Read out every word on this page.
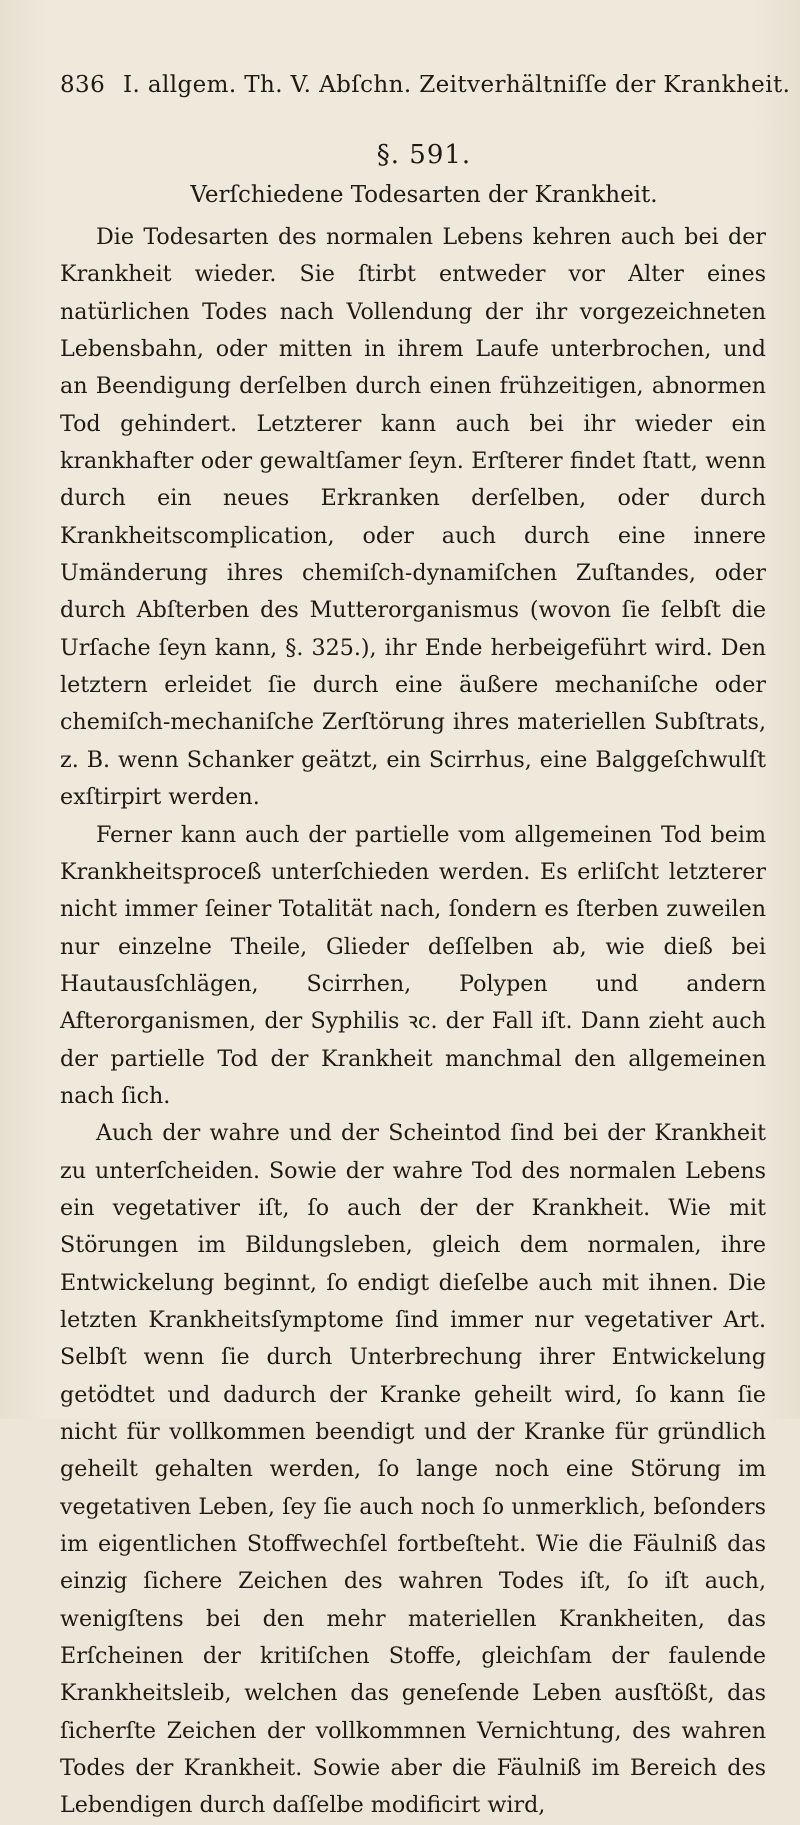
836 I. allgem. Th. V. Abſchn. Zeitverhältniſſe der Krankheit.
§. 591.
Verſchiedene Todesarten der Krankheit.

Die Todesarten des normalen Lebens kehren auch bei der Krankheit wieder. Sie ſtirbt entweder vor Alter eines natürlichen Todes nach Vollendung der ihr vorgezeichneten Lebensbahn, oder mitten in ihrem Laufe unterbrochen, und an Beendigung derſelben durch einen frühzeitigen, abnormen Tod gehindert. Letzterer kann auch bei ihr wieder ein krankhafter oder gewaltſamer ſeyn. Erſterer findet ſtatt, wenn durch ein neues Erkranken derſelben, oder durch Krankheitscomplication, oder auch durch eine innere Umänderung ihres chemiſch-dynamiſchen Zuſtandes, oder durch Abſterben des Mutterorganismus (wovon ſie ſelbſt die Urſache ſeyn kann, §. 325.), ihr Ende herbeigeführt wird. Den letztern erleidet ſie durch eine äußere mechaniſche oder chemiſch-mechaniſche Zerſtörung ihres materiellen Subſtrats, z. B. wenn Schanker geätzt, ein Scirrhus, eine Balggeſchwulſt exſtirpirt werden.

Ferner kann auch der partielle vom allgemeinen Tod beim Krankheitsproceß unterſchieden werden. Es erliſcht letzterer nicht immer ſeiner Totalität nach, ſondern es ſterben zuweilen nur einzelne Theile, Glieder deſſelben ab, wie dieß bei Hautausſchlägen, Scirrhen, Polypen und andern Afterorganismen, der Syphilis ꝛc. der Fall iſt. Dann zieht auch der partielle Tod der Krankheit manchmal den allgemeinen nach ſich.

Auch der wahre und der Scheintod ſind bei der Krankheit zu unterſcheiden. Sowie der wahre Tod des normalen Lebens ein vegetativer iſt, ſo auch der der Krankheit. Wie mit Störungen im Bildungsleben, gleich dem normalen, ihre Entwickelung beginnt, ſo endigt dieſelbe auch mit ihnen. Die letzten Krankheitsſymptome ſind immer nur vegetativer Art. Selbſt wenn ſie durch Unterbrechung ihrer Entwickelung getödtet und dadurch der Kranke geheilt wird, ſo kann ſie nicht für vollkommen beendigt und der Kranke für gründlich geheilt gehalten werden, ſo lange noch eine Störung im vegetativen Leben, ſey ſie auch noch ſo unmerklich, beſonders im eigentlichen Stoffwechſel fortbeſteht. Wie die Fäulniß das einzig ſichere Zeichen des wahren Todes iſt, ſo iſt auch, wenigſtens bei den mehr materiellen Krankheiten, das Erſcheinen der kritiſchen Stoffe, gleichſam der faulende Krankheitsleib, welchen das geneſende Leben ausſtößt, das ſicherſte Zeichen der vollkommnen Vernichtung, des wahren Todes der Krankheit. Sowie aber die Fäulniß im Bereich des Lebendigen durch daſſelbe modificirt wird,
